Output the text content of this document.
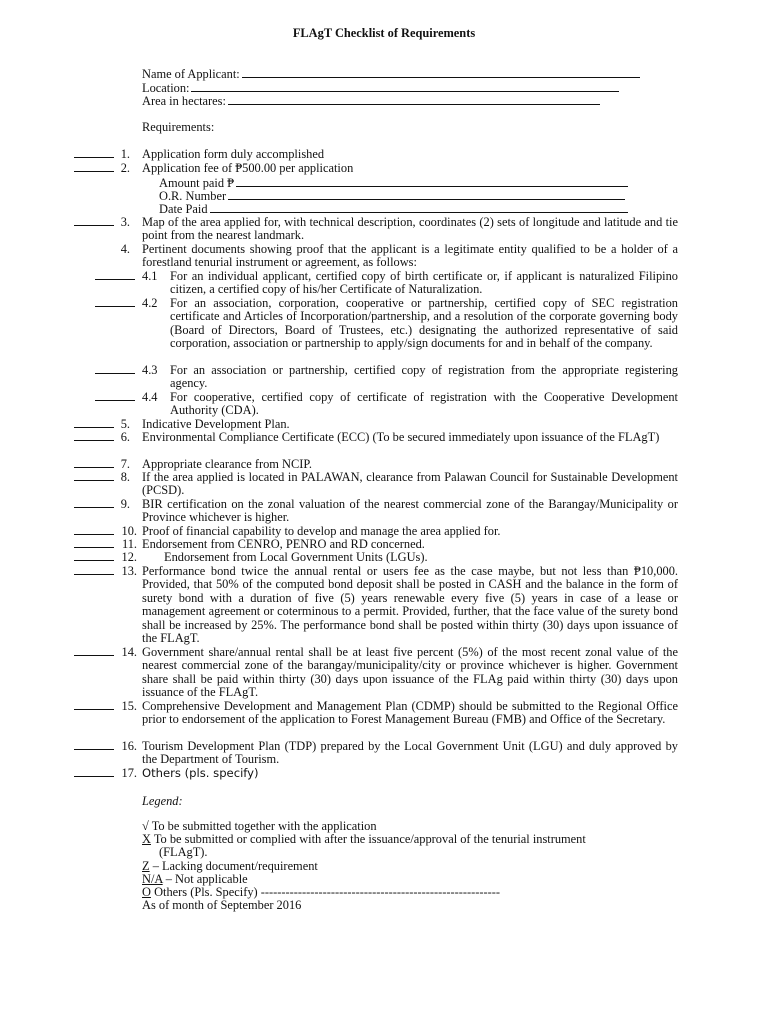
FLAgT Checklist of Requirements
Name of Applicant:
Location:
Area in hectares:
Requirements:
1. Application form duly accomplished
2. Application fee of ₱500.00 per application
3. Map of the area applied for, with technical description, coordinates (2) sets of longitude and latitude and tie point from the nearest landmark.
4. Pertinent documents showing proof that the applicant is a legitimate entity qualified to be a holder of a forestland tenurial instrument or agreement, as follows:
4.1 For an individual applicant, certified copy of birth certificate or, if applicant is naturalized Filipino citizen, a certified copy of his/her Certificate of Naturalization.
4.2 For an association, corporation, cooperative or partnership, certified copy of SEC registration certificate and Articles of Incorporation/partnership, and a resolution of the corporate governing body (Board of Directors, Board of Trustees, etc.) designating the authorized representative of said corporation, association or partnership to apply/sign documents for and in behalf of the company.
4.3 For an association or partnership, certified copy of registration from the appropriate registering agency.
4.4 For cooperative, certified copy of certificate of registration with the Cooperative Development Authority (CDA).
5. Indicative Development Plan.
6. Environmental Compliance Certificate (ECC) (To be secured immediately upon issuance of the FLAgT)
7. Appropriate clearance from NCIP.
8. If the area applied is located in PALAWAN, clearance from Palawan Council for Sustainable Development (PCSD).
9. BIR certification on the zonal valuation of the nearest commercial zone of the Barangay/Municipality or Province whichever is higher.
10. Proof of financial capability to develop and manage the area applied for.
11. Endorsement from CENRO, PENRO and RD concerned.
12. Endorsement from Local Government Units (LGUs).
13. Performance bond twice the annual rental or users fee as the case maybe, but not less than ₱10,000. Provided, that 50% of the computed bond deposit shall be posted in CASH and the balance in the form of surety bond with a duration of five (5) years renewable every five (5) years in case of a lease or management agreement or coterminous to a permit. Provided, further, that the face value of the surety bond shall be increased by 25%. The performance bond shall be posted within thirty (30) days upon issuance of the FLAgT.
14. Government share/annual rental shall be at least five percent (5%) of the most recent zonal value of the nearest commercial zone of the barangay/municipality/city or province whichever is higher. Government share shall be paid within thirty (30) days upon issuance of the FLAg paid within thirty (30) days upon issuance of the FLAgT.
15. Comprehensive Development and Management Plan (CDMP) should be submitted to the Regional Office prior to endorsement of the application to Forest Management Bureau (FMB) and Office of the Secretary.
16. Tourism Development Plan (TDP) prepared by the Local Government Unit (LGU) and duly approved by the Department of Tourism.
17. Others (pls. specify)
Amount paid ₱
O.R. Number
Date Paid
Legend:
√ To be submitted together with the application
X To be submitted or complied with after the issuance/approval of the tenurial instrument
(FLAgT).
Z – Lacking document/requirement
N/A – Not applicable
O Others (Pls. Specify) ----------------------------------------------------------
As of month of September 2016
